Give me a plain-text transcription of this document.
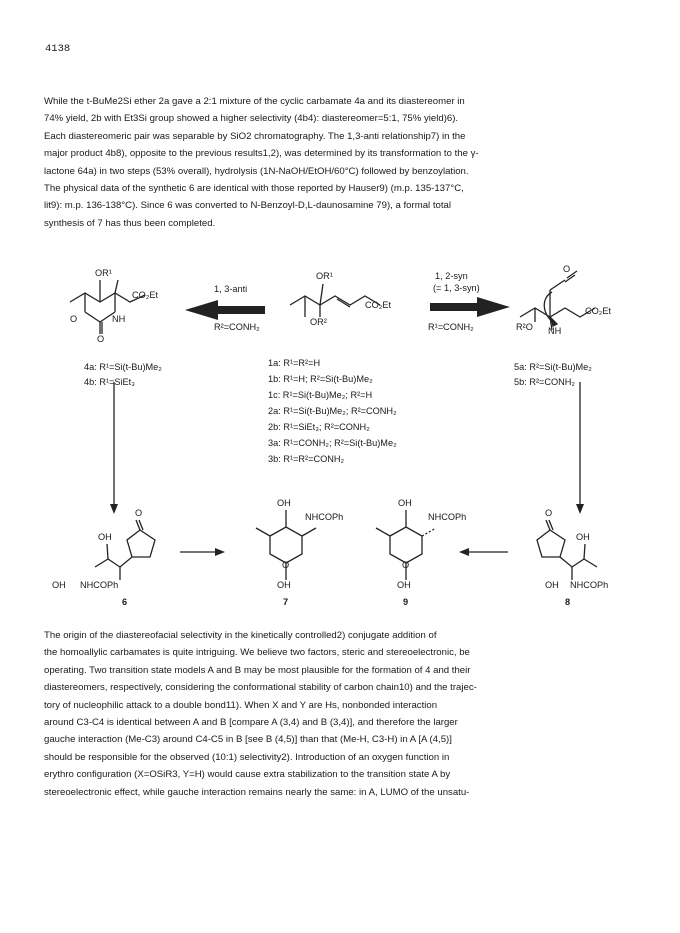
4138
While the t-BuMe2Si ether 2a gave a 2:1 mixture of the cyclic carbamate 4a and its diastereomer in
74% yield, 2b with Et3Si group showed a higher selectivity (4b4): diastereomer=5:1, 75% yield)6).
Each diastereomeric pair was separable by SiO2 chromatography. The 1,3-anti relationship7) in the
major product 4b8), opposite to the previous results1,2), was determined by its transformation to the γ-
lactone 64a) in two steps (53% overall), hydrolysis (1N-NaOH/EtOH/60°C) followed by benzoylation.
The physical data of the synthetic 6 are identical with those reported by Hauser9) (m.p. 135-137°C,
lit9): m.p. 136-138°C). Since 6 was converted to N-Benzoyl-D,L-daunosamine 79), a formal total
synthesis of 7 has thus been completed.
OR¹
CO₂Et
O	NH
O
1, 3-anti
R²=CONH₂
OR¹
CO₂Et
OR²
1, 2-syn
(= 1, 3-syn)
R¹=CONH₂
O
CO₂Et
R²O NH
4a: R¹=Si(t-Bu)Me₂
4b: R¹=SiEt₃
1a: R¹=R²=H
1b: R¹=H; R²=Si(t-Bu)Me₂
1c: R¹=Si(t-Bu)Me₂; R²=H
2a: R¹=Si(t-Bu)Me₂; R²=CONH₂
2b: R¹=SiEt₃; R²=CONH₂
3a: R¹=CONH₂; R²=Si(t-Bu)Me₂
3b: R¹=R²=CONH₂
5a: R²=Si(t-Bu)Me₂
5b: R²=CONH₂
O
OH
OH NHCOPh
6
OH
NHCOPh
O
OH
7
OH
NHCOPh
O
OH
9
O
OH
OH NHCOPh
8
The origin of the diastereofacial selectivity in the kinetically controlled2) conjugate addition of
the homoallylic carbamates is quite intriguing. We believe two factors, steric and stereoelectronic, be
operating. Two transition state models A and B may be most plausible for the formation of 4 and their
diastereomers, respectively, considering the conformational stability of carbon chain10) and the trajec-
tory of nucleophilic attack to a double bond11). When X and Y are Hs, nonbonded interaction
around C3-C4 is identical between A and B [compare A (3,4) and B (3,4)], and therefore the larger
gauche interaction (Me-C3) around C4-C5 in B [see B (4,5)] than that (Me-H, C3-H) in A [A (4,5)]
should be responsible for the observed (10:1) selectivity2). Introduction of an oxygen function in
erythro configuration (X=OSiR3, Y=H) would cause extra stabilization to the transition state A by
stereoelectronic effect, while gauche interaction remains nearly the same: in A, LUMO of the unsatu-
